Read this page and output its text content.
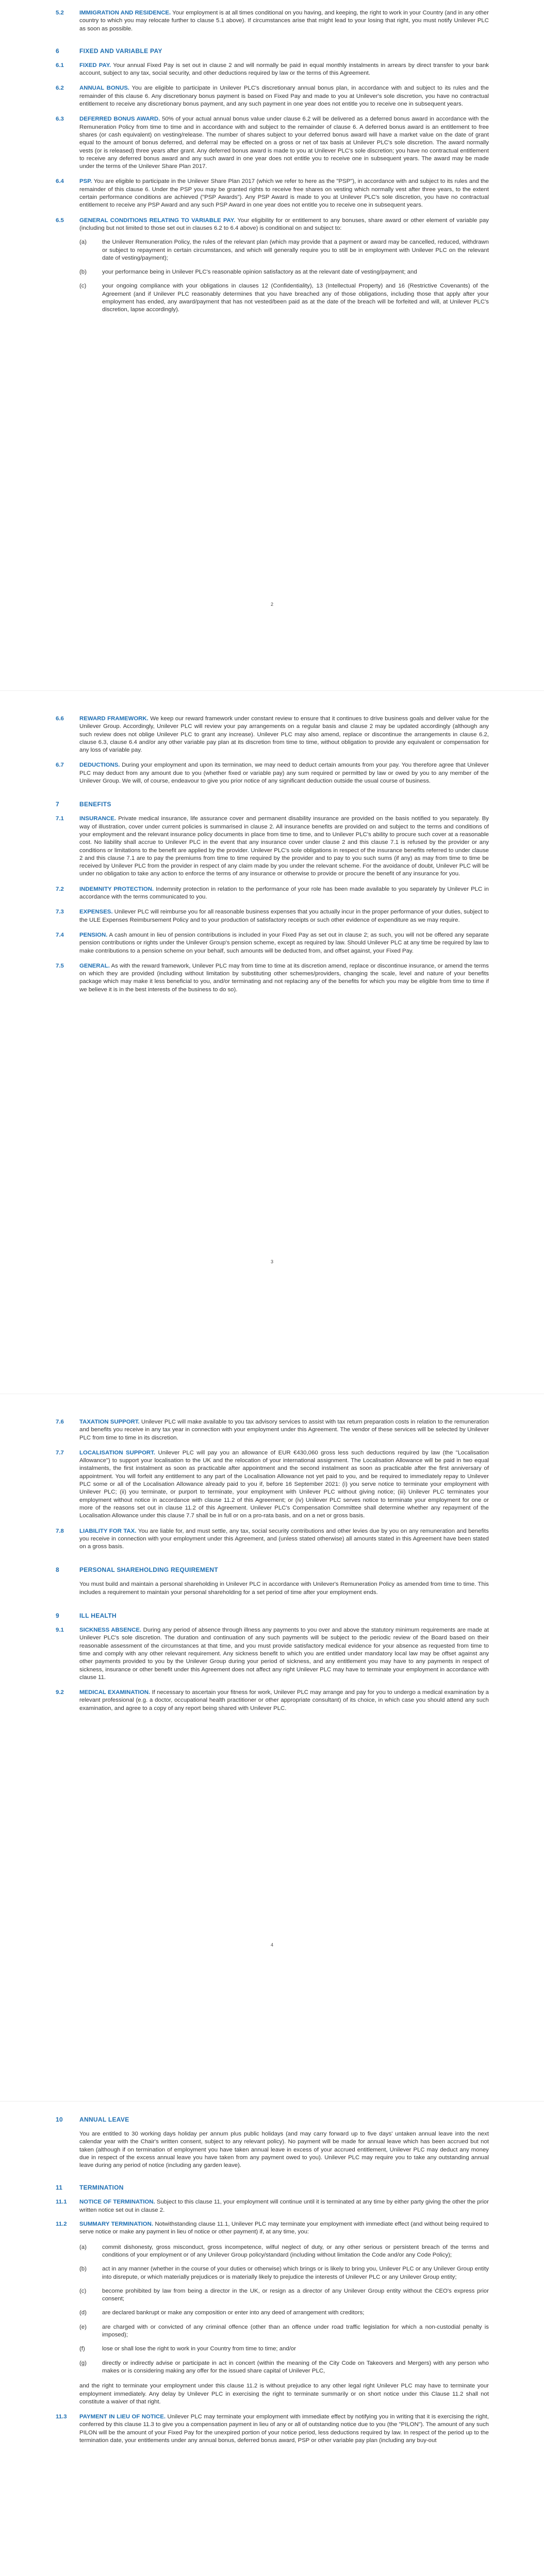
5.2	IMMIGRATION AND RESIDENCE. Your employment is at all times conditional on you having, and keeping, the right to work in your Country (and in any other country to which you may relocate further to clause 5.1 above). If circumstances arise that might lead to your losing that right, you must notify Unilever PLC as soon as possible.
6	FIXED AND VARIABLE PAY
6.1	FIXED PAY. Your annual Fixed Pay is set out in clause 2 and will normally be paid in equal monthly instalments in arrears by direct transfer to your bank account, subject to any tax, social security, and other deductions required by law or the terms of this Agreement.
6.2	ANNUAL BONUS. You are eligible to participate in Unilever PLC's discretionary annual bonus plan, in accordance with and subject to its rules and the remainder of this clause 6. Any discretionary bonus payment is based on Fixed Pay and made to you at Unilever's sole discretion, you have no contractual entitlement to receive any discretionary bonus payment, and any such payment in one year does not entitle you to receive one in subsequent years.
6.3	DEFERRED BONUS AWARD. 50% of your actual annual bonus value under clause 6.2 will be delivered as a deferred bonus award in accordance with the Remuneration Policy from time to time and in accordance with and subject to the remainder of clause 6. A deferred bonus award is an entitlement to free shares (or cash equivalent) on vesting/release. The number of shares subject to your deferred bonus award will have a market value on the date of grant equal to the amount of bonus deferred, and deferral may be effected on a gross or net of tax basis at Unilever PLC's sole discretion. The award normally vests (or is released) three years after grant. Any deferred bonus award is made to you at Unilever PLC's sole discretion; you have no contractual entitlement to receive any deferred bonus award and any such award in one year does not entitle you to receive one in subsequent years. The award may be made under the terms of the Unilever Share Plan 2017.
6.4	PSP. You are eligible to participate in the Unilever Share Plan 2017 (which we refer to here as the "PSP"), in accordance with and subject to its rules and the remainder of this clause 6. Under the PSP you may be granted rights to receive free shares on vesting which normally vest after three years, to the extent certain performance conditions are achieved ("PSP Awards"). Any PSP Award is made to you at Unilever PLC's sole discretion, you have no contractual entitlement to receive any PSP Award and any such PSP Award in one year does not entitle you to receive one in subsequent years.
6.5	GENERAL CONDITIONS RELATING TO VARIABLE PAY. Your eligibility for or entitlement to any bonuses, share award or other element of variable pay (including but not limited to those set out in clauses 6.2 to 6.4 above) is conditional on and subject to:
(a)	the Unilever Remuneration Policy, the rules of the relevant plan (which may provide that a payment or award may be cancelled, reduced, withdrawn or subject to repayment in certain circumstances, and which will generally require you to still be in employment with Unilever PLC on the relevant date of vesting/payment);
(b)	your performance being in Unilever PLC's reasonable opinion satisfactory as at the relevant date of vesting/payment; and
(c)	your ongoing compliance with your obligations in clauses 12 (Confidentiality), 13 (Intellectual Property) and 16 (Restrictive Covenants) of the Agreement (and if Unilever PLC reasonably determines that you have breached any of those obligations, including those that apply after your employment has ended, any award/payment that has not vested/been paid as at the date of the breach will be forfeited and will, at Unilever PLC's discretion, lapse accordingly).
2
6.6	REWARD FRAMEWORK. We keep our reward framework under constant review to ensure that it continues to drive business goals and deliver value for the Unilever Group. Accordingly, Unilever PLC will review your pay arrangements on a regular basis and clause 2 may be updated accordingly (although any such review does not oblige Unilever PLC to grant any increase). Unilever PLC may also amend, replace or discontinue the arrangements in clause 6.2, clause 6.3, clause 6.4 and/or any other variable pay plan at its discretion from time to time, without obligation to provide any equivalent or compensation for any loss of variable pay.
6.7	DEDUCTIONS. During your employment and upon its termination, we may need to deduct certain amounts from your pay. You therefore agree that Unilever PLC may deduct from any amount due to you (whether fixed or variable pay) any sum required or permitted by law or owed by you to any member of the Unilever Group. We will, of course, endeavour to give you prior notice of any significant deduction outside the usual course of business.
7	BENEFITS
7.1	INSURANCE. Private medical insurance, life assurance cover and permanent disability insurance are provided on the basis notified to you separately. By way of illustration, cover under current policies is summarised in clause 2. All insurance benefits are provided on and subject to the terms and conditions of your employment and the relevant insurance policy documents in place from time to time, and to Unilever PLC's ability to procure such cover at a reasonable cost. No liability shall accrue to Unilever PLC in the event that any insurance cover under clause 2 and this clause 7.1 is refused by the provider or any conditions or limitations to the benefit are applied by the provider. Unilever PLC's sole obligations in respect of the insurance benefits referred to under clause 2 and this clause 7.1 are to pay the premiums from time to time required by the provider and to pay to you such sums (if any) as may from time to time be received by Unilever PLC from the provider in respect of any claim made by you under the relevant scheme. For the avoidance of doubt, Unilever PLC will be under no obligation to take any action to enforce the terms of any insurance or otherwise to provide or procure the benefit of any insurance for you.
7.2	INDEMNITY PROTECTION. Indemnity protection in relation to the performance of your role has been made available to you separately by Unilever PLC in accordance with the terms communicated to you.
7.3	EXPENSES. Unilever PLC will reimburse you for all reasonable business expenses that you actually incur in the proper performance of your duties, subject to the ULE Expenses Reimbursement Policy and to your production of satisfactory receipts or such other evidence of expenditure as we may require.
7.4	PENSION. A cash amount in lieu of pension contributions is included in your Fixed Pay as set out in clause 2; as such, you will not be offered any separate pension contributions or rights under the Unilever Group's pension scheme, except as required by law. Should Unilever PLC at any time be required by law to make contributions to a pension scheme on your behalf, such amounts will be deducted from, and offset against, your Fixed Pay.
7.5	GENERAL. As with the reward framework, Unilever PLC may from time to time at its discretion amend, replace or discontinue insurance, or amend the terms on which they are provided (including without limitation by substituting other schemes/providers, changing the scale, level and nature of your benefits package which may make it less beneficial to you, and/or terminating and not replacing any of the benefits for which you may be eligible from time to time if we believe it is in the best interests of the business to do so).
3
7.6	TAXATION SUPPORT. Unilever PLC will make available to you tax advisory services to assist with tax return preparation costs in relation to the remuneration and benefits you receive in any tax year in connection with your employment under this Agreement. The vendor of these services will be selected by Unilever PLC from time to time in its discretion.
7.7	LOCALISATION SUPPORT. Unilever PLC will pay you an allowance of EUR €430,060 gross less such deductions required by law (the "Localisation Allowance") to support your localisation to the UK and the relocation of your international assignment. The Localisation Allowance will be paid in two equal instalments, the first instalment as soon as practicable after appointment and the second instalment as soon as practicable after the first anniversary of appointment. You will forfeit any entitlement to any part of the Localisation Allowance not yet paid to you, and be required to immediately repay to Unilever PLC some or all of the Localisation Allowance already paid to you if, before 16 September 2021: (i) you serve notice to terminate your employment with Unilever PLC; (ii) you terminate, or purport to terminate, your employment with Unilever PLC without giving notice; (iii) Unilever PLC terminates your employment without notice in accordance with clause 11.2 of this Agreement; or (iv) Unilever PLC serves notice to terminate your employment for one or more of the reasons set out in clause 11.2 of this Agreement. Unilever PLC's Compensation Committee shall determine whether any repayment of the Localisation Allowance under this clause 7.7 shall be in full or on a pro-rata basis, and on a net or gross basis.
7.8	LIABILITY FOR TAX. You are liable for, and must settle, any tax, social security contributions and other levies due by you on any remuneration and benefits you receive in connection with your employment under this Agreement, and (unless stated otherwise) all amounts stated in this Agreement have been stated on a gross basis.
8	PERSONAL SHAREHOLDING REQUIREMENT
You must build and maintain a personal shareholding in Unilever PLC in accordance with Unilever's Remuneration Policy as amended from time to time. This includes a requirement to maintain your personal shareholding for a set period of time after your employment ends.
9	ILL HEALTH
9.1	SICKNESS ABSENCE. During any period of absence through illness any payments to you over and above the statutory minimum requirements are made at Unilever PLC's sole discretion. The duration and continuation of any such payments will be subject to the periodic review of the Board based on their reasonable assessment of the circumstances at that time, and you must provide satisfactory medical evidence for your absence as requested from time to time and comply with any other relevant requirement. Any sickness benefit to which you are entitled under mandatory local law may be offset against any other payments provided to you by the Unilever Group during your period of sickness, and any entitlement you may have to any payments in respect of sickness, insurance or other benefit under this Agreement does not affect any right Unilever PLC may have to terminate your employment in accordance with clause 11.
9.2	MEDICAL EXAMINATION. If necessary to ascertain your fitness for work, Unilever PLC may arrange and pay for you to undergo a medical examination by a relevant professional (e.g. a doctor, occupational health practitioner or other appropriate consultant) of its choice, in which case you should attend any such examination, and agree to a copy of any report being shared with Unilever PLC.
4
10	ANNUAL LEAVE
You are entitled to 30 working days holiday per annum plus public holidays (and may carry forward up to five days' untaken annual leave into the next calendar year with the Chair's written consent, subject to any relevant policy). No payment will be made for annual leave which has been accrued but not taken (although if on termination of employment you have taken annual leave in excess of your accrued entitlement, Unilever PLC may deduct any money due in respect of the excess annual leave you have taken from any payment owed to you). Unilever PLC may require you to take any outstanding annual leave during any period of notice (including any garden leave).
11	TERMINATION
11.1	NOTICE OF TERMINATION. Subject to this clause 11, your employment will continue until it is terminated at any time by either party giving the other the prior written notice set out in clause 2.
11.2	SUMMARY TERMINATION. Notwithstanding clause 11.1, Unilever PLC may terminate your employment with immediate effect (and without being required to serve notice or make any payment in lieu of notice or other payment) if, at any time, you:
(a)	commit dishonesty, gross misconduct, gross incompetence, wilful neglect of duty, or any other serious or persistent breach of the terms and conditions of your employment or of any Unilever Group policy/standard (including without limitation the Code and/or any Code Policy);
(b)	act in any manner (whether in the course of your duties or otherwise) which brings or is likely to bring you, Unilever PLC or any Unilever Group entity into disrepute, or which materially prejudices or is materially likely to prejudice the interests of Unilever PLC or any Unilever Group entity;
(c)	become prohibited by law from being a director in the UK, or resign as a director of any Unilever Group entity without the CEO's express prior consent;
(d)	are declared bankrupt or make any composition or enter into any deed of arrangement with creditors;
(e)	are charged with or convicted of any criminal offence (other than an offence under road traffic legislation for which a non-custodial penalty is imposed);
(f)	lose or shall lose the right to work in your Country from time to time; and/or
(g)	directly or indirectly advise or participate in act in concert (within the meaning of the City Code on Takeovers and Mergers) with any person who makes or is considering making any offer for the issued share capital of Unilever PLC,
and the right to terminate your employment under this clause 11.2 is without prejudice to any other legal right Unilever PLC may have to terminate your employment immediately. Any delay by Unilever PLC in exercising the right to terminate summarily or on short notice under this Clause 11.2 shall not constitute a waiver of that right.
11.3	PAYMENT IN LIEU OF NOTICE. Unilever PLC may terminate your employment with immediate effect by notifying you in writing that it is exercising the right, conferred by this clause 11.3 to give you a compensation payment in lieu of any or all of outstanding notice due to you (the "PILON"). The amount of any such PILON will be the amount of your Fixed Pay for the unexpired portion of your notice period, less deductions required by law. In respect of the period up to the termination date, your entitlements under any annual bonus, deferred bonus award, PSP or other variable pay plan (including any buy-out
